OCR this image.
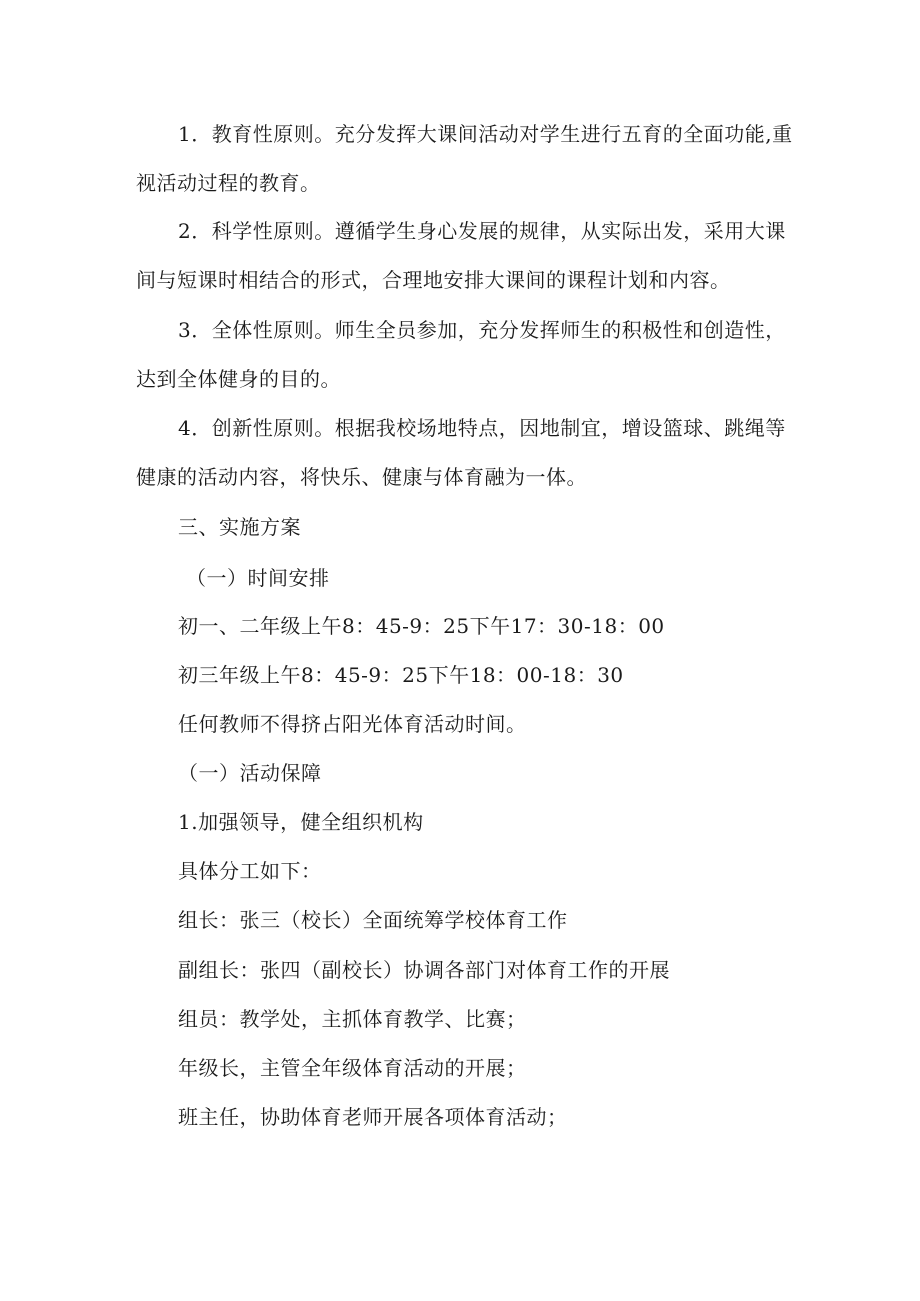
1．教育性原则。充分发挥大课间活动对学生进行五育的全面功能,重
视活动过程的教育。
2．科学性原则。遵循学生身心发展的规律，从实际出发，采用大课
间与短课时相结合的形式，合理地安排大课间的课程计划和内容。
3．全体性原则。师生全员参加，充分发挥师生的积极性和创造性，
达到全体健身的目的。
4．创新性原则。根据我校场地特点，因地制宜，增设篮球、跳绳等
健康的活动内容，将快乐、健康与体育融为一体。
三、实施方案
（一）时间安排
初一、二年级上午8：45-9：25下午17：30-18：00
初三年级上午8：45-9：25下午18：00-18：30
任何教师不得挤占阳光体育活动时间。
（一）活动保障
1.加强领导，健全组织机构
具体分工如下：
组长：张三（校长）全面统筹学校体育工作
副组长：张四（副校长）协调各部门对体育工作的开展
组员：教学处，主抓体育教学、比赛；
年级长，主管全年级体育活动的开展；
班主任，协助体育老师开展各项体育活动；
